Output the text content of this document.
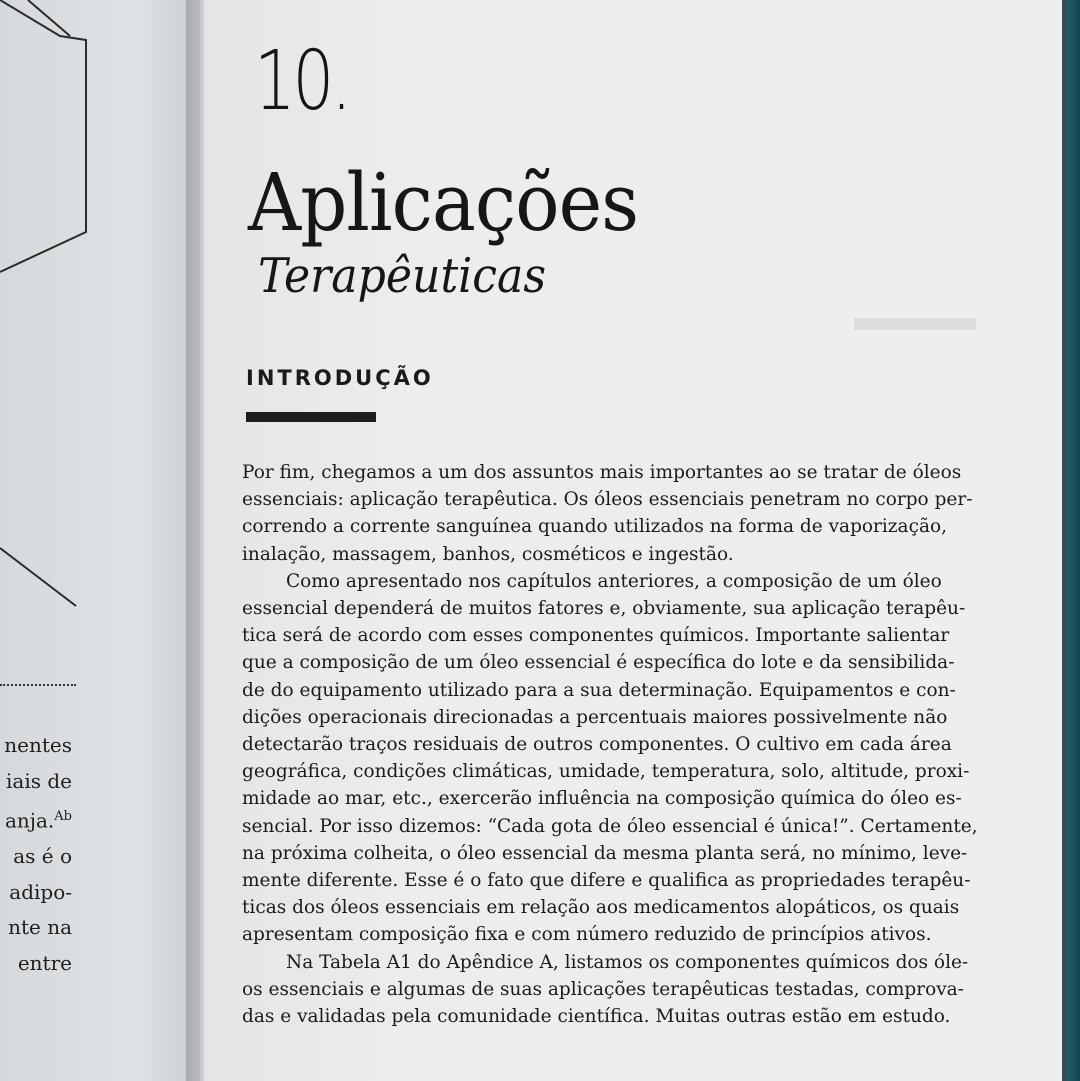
nentes
iais de
anja.$^{Ab}$
as é o
adipo-
nte na
entre
10.
Aplicações
Terapêuticas
INTRODUÇÃO
Por fim, chegamos a um dos assuntos mais importantes ao se tratar de óleos
essenciais: aplicação terapêutica. Os óleos essenciais penetram no corpo per-
correndo a corrente sanguínea quando utilizados na forma de vaporização,
inalação, massagem, banhos, cosméticos e ingestão.
Como apresentado nos capítulos anteriores, a composição de um óleo
essencial dependerá de muitos fatores e, obviamente, sua aplicação terapêu-
tica será de acordo com esses componentes químicos. Importante salientar
que a composição de um óleo essencial é específica do lote e da sensibilida-
de do equipamento utilizado para a sua determinação. Equipamentos e con-
dições operacionais direcionadas a percentuais maiores possivelmente não
detectarão traços residuais de outros componentes. O cultivo em cada área
geográfica, condições climáticas, umidade, temperatura, solo, altitude, proxi-
midade ao mar, etc., exercerão influência na composição química do óleo es-
sencial. Por isso dizemos: “Cada gota de óleo essencial é única!”. Certamente,
na próxima colheita, o óleo essencial da mesma planta será, no mínimo, leve-
mente diferente. Esse é o fato que difere e qualifica as propriedades terapêu-
ticas dos óleos essenciais em relação aos medicamentos alopáticos, os quais
apresentam composição fixa e com número reduzido de princípios ativos.
Na Tabela A1 do Apêndice A, listamos os componentes químicos dos óle-
os essenciais e algumas de suas aplicações terapêuticas testadas, comprova-
das e validadas pela comunidade científica. Muitas outras estão em estudo.
